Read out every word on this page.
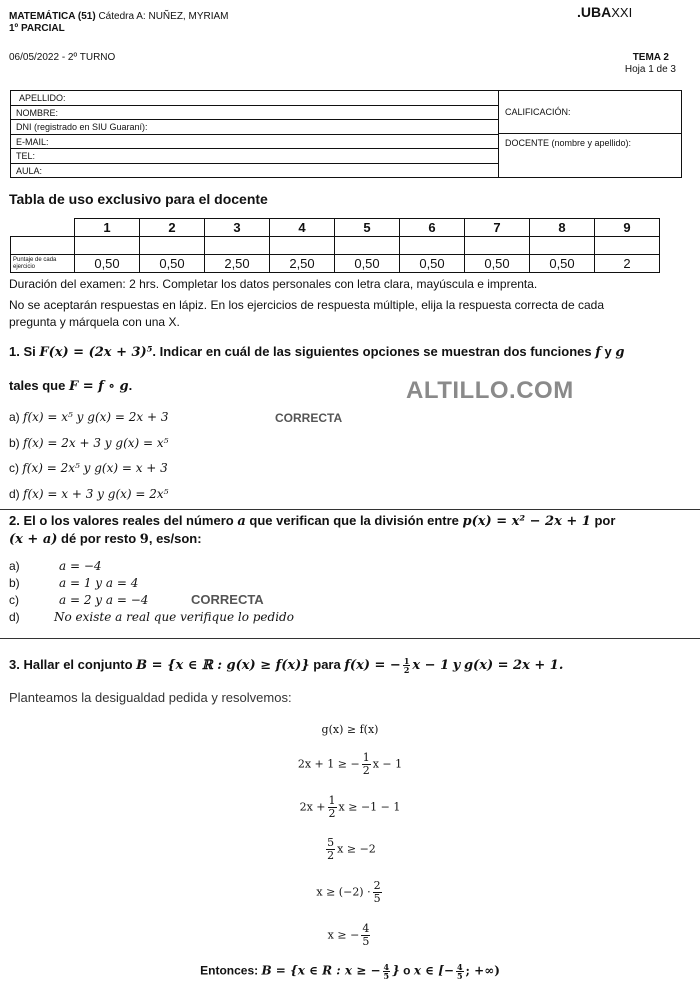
MATEMÁTICA (51) Cátedra A: NUÑEZ, MYRIAM
1º PARCIAL
.UBAXXI
06/05/2022 - 2º TURNO	TEMA 2
Hoja 1 de 3
APELLIDO:
NOMBRE:
DNI (registrado en SIU Guaraní):
E-MAIL:
TEL:
AULA:
CALIFICACIÓN:
DOCENTE (nombre y apellido):
Tabla de uso exclusivo para el docente
	1	2	3	4	5	6	7	8	9

Puntaje de cada ejercicio	0,50	0,50	2,50	2,50	0,50	0,50	0,50	0,50	2
Duración del examen: 2 hrs. Completar los datos personales con letra clara, mayúscula e imprenta.
No se aceptarán respuestas en lápiz. En los ejercicios de respuesta múltiple, elija la respuesta correcta de cada
pregunta y márquela con una X.
1. Si F(x) = (2x + 3)⁵. Indicar en cuál de las siguientes opciones se muestran dos funciones f y g
tales que F = f ∘ g.	ALTILLO.COM
a) f(x) = x⁵ y g(x) = 2x + 3	CORRECTA
b) f(x) = 2x + 3 y g(x) = x⁵
c) f(x) = 2x⁵ y g(x) = x + 3
d) f(x) = x + 3 y g(x) = 2x⁵
2. El o los valores reales del número a que verifican que la división entre p(x) = x² − 2x + 1 por
(x + a) dé por resto 9, es/son:
a)	a = −4
b)	a = 1 y a = 4
c)	a = 2 y a = −4	CORRECTA
d)	No existe a real que verifique lo pedido
3. Hallar el conjunto B = {x ∈ ℝ : g(x) ≥ f(x)} para f(x) = − $\frac{1}{2}$ x − 1 y g(x) = 2x + 1.
Planteamos la desigualdad pedida y resolvemos:
g(x) ≥ f(x)
2x + 1 ≥ − $\frac{1}{2}$ x − 1
$2x + \frac{1}{2}$ x ≥ −1 − 1
$\frac{5}{2}$ x ≥ −2
$x \ge (-2) \cdot \frac{2}{5}$
x ≥ − $\frac{4}{5}$
Entonces: B = {x ∈ R : x ≥ − $\frac{4}{5}$ } o x ∈ [− $\frac{4}{5}$ ; +∞)
